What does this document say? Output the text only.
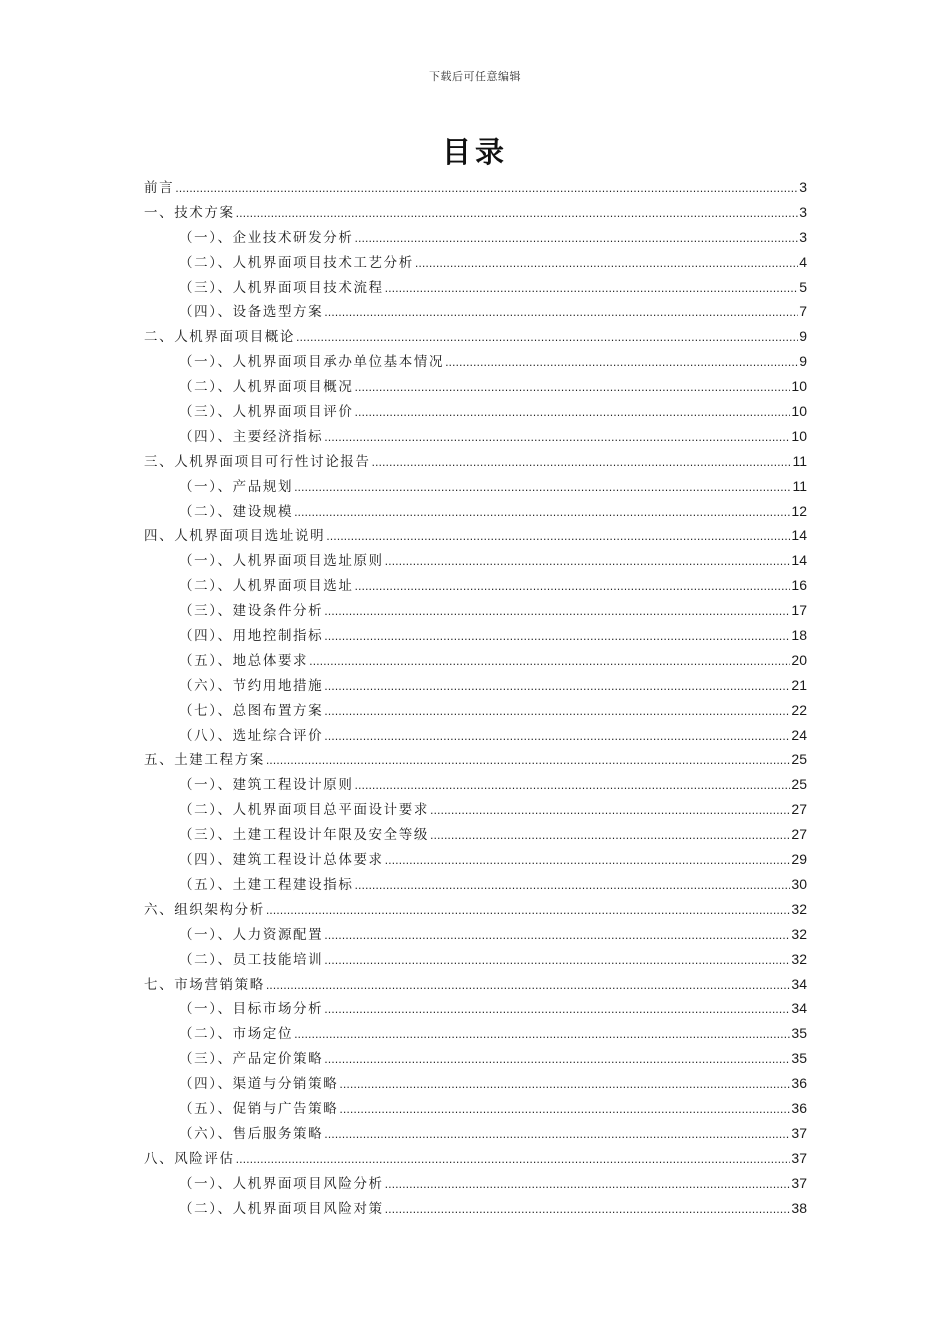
下载后可任意编辑
目录
前言 .....	3
一、技术方案 .....	3
（一）、企业技术研发分析 .....	3
（二）、人机界面项目技术工艺分析 .....	4
（三）、人机界面项目技术流程 .....	5
（四）、设备选型方案 .....	7
二、人机界面项目概论 .....	9
（一）、人机界面项目承办单位基本情况 .....	9
（二）、人机界面项目概况 .....	10
（三）、人机界面项目评价 .....	10
（四）、主要经济指标 .....	10
三、人机界面项目可行性讨论报告 .....	11
（一）、产品规划 .....	11
（二）、建设规模 .....	12
四、人机界面项目选址说明 .....	14
（一）、人机界面项目选址原则 .....	14
（二）、人机界面项目选址 .....	16
（三）、建设条件分析 .....	17
（四）、用地控制指标 .....	18
（五）、地总体要求 .....	20
（六）、节约用地措施 .....	21
（七）、总图布置方案 .....	22
（八）、选址综合评价 .....	24
五、土建工程方案 .....	25
（一）、建筑工程设计原则 .....	25
（二）、人机界面项目总平面设计要求 .....	27
（三）、土建工程设计年限及安全等级 .....	27
（四）、建筑工程设计总体要求 .....	29
（五）、土建工程建设指标 .....	30
六、组织架构分析 .....	32
（一）、人力资源配置 .....	32
（二）、员工技能培训 .....	32
七、市场营销策略 .....	34
（一）、目标市场分析 .....	34
（二）、市场定位 .....	35
（三）、产品定价策略 .....	35
（四）、渠道与分销策略 .....	36
（五）、促销与广告策略 .....	36
（六）、售后服务策略 .....	37
八、风险评估 .....	37
（一）、人机界面项目风险分析 .....	37
（二）、人机界面项目风险对策 .....	38
